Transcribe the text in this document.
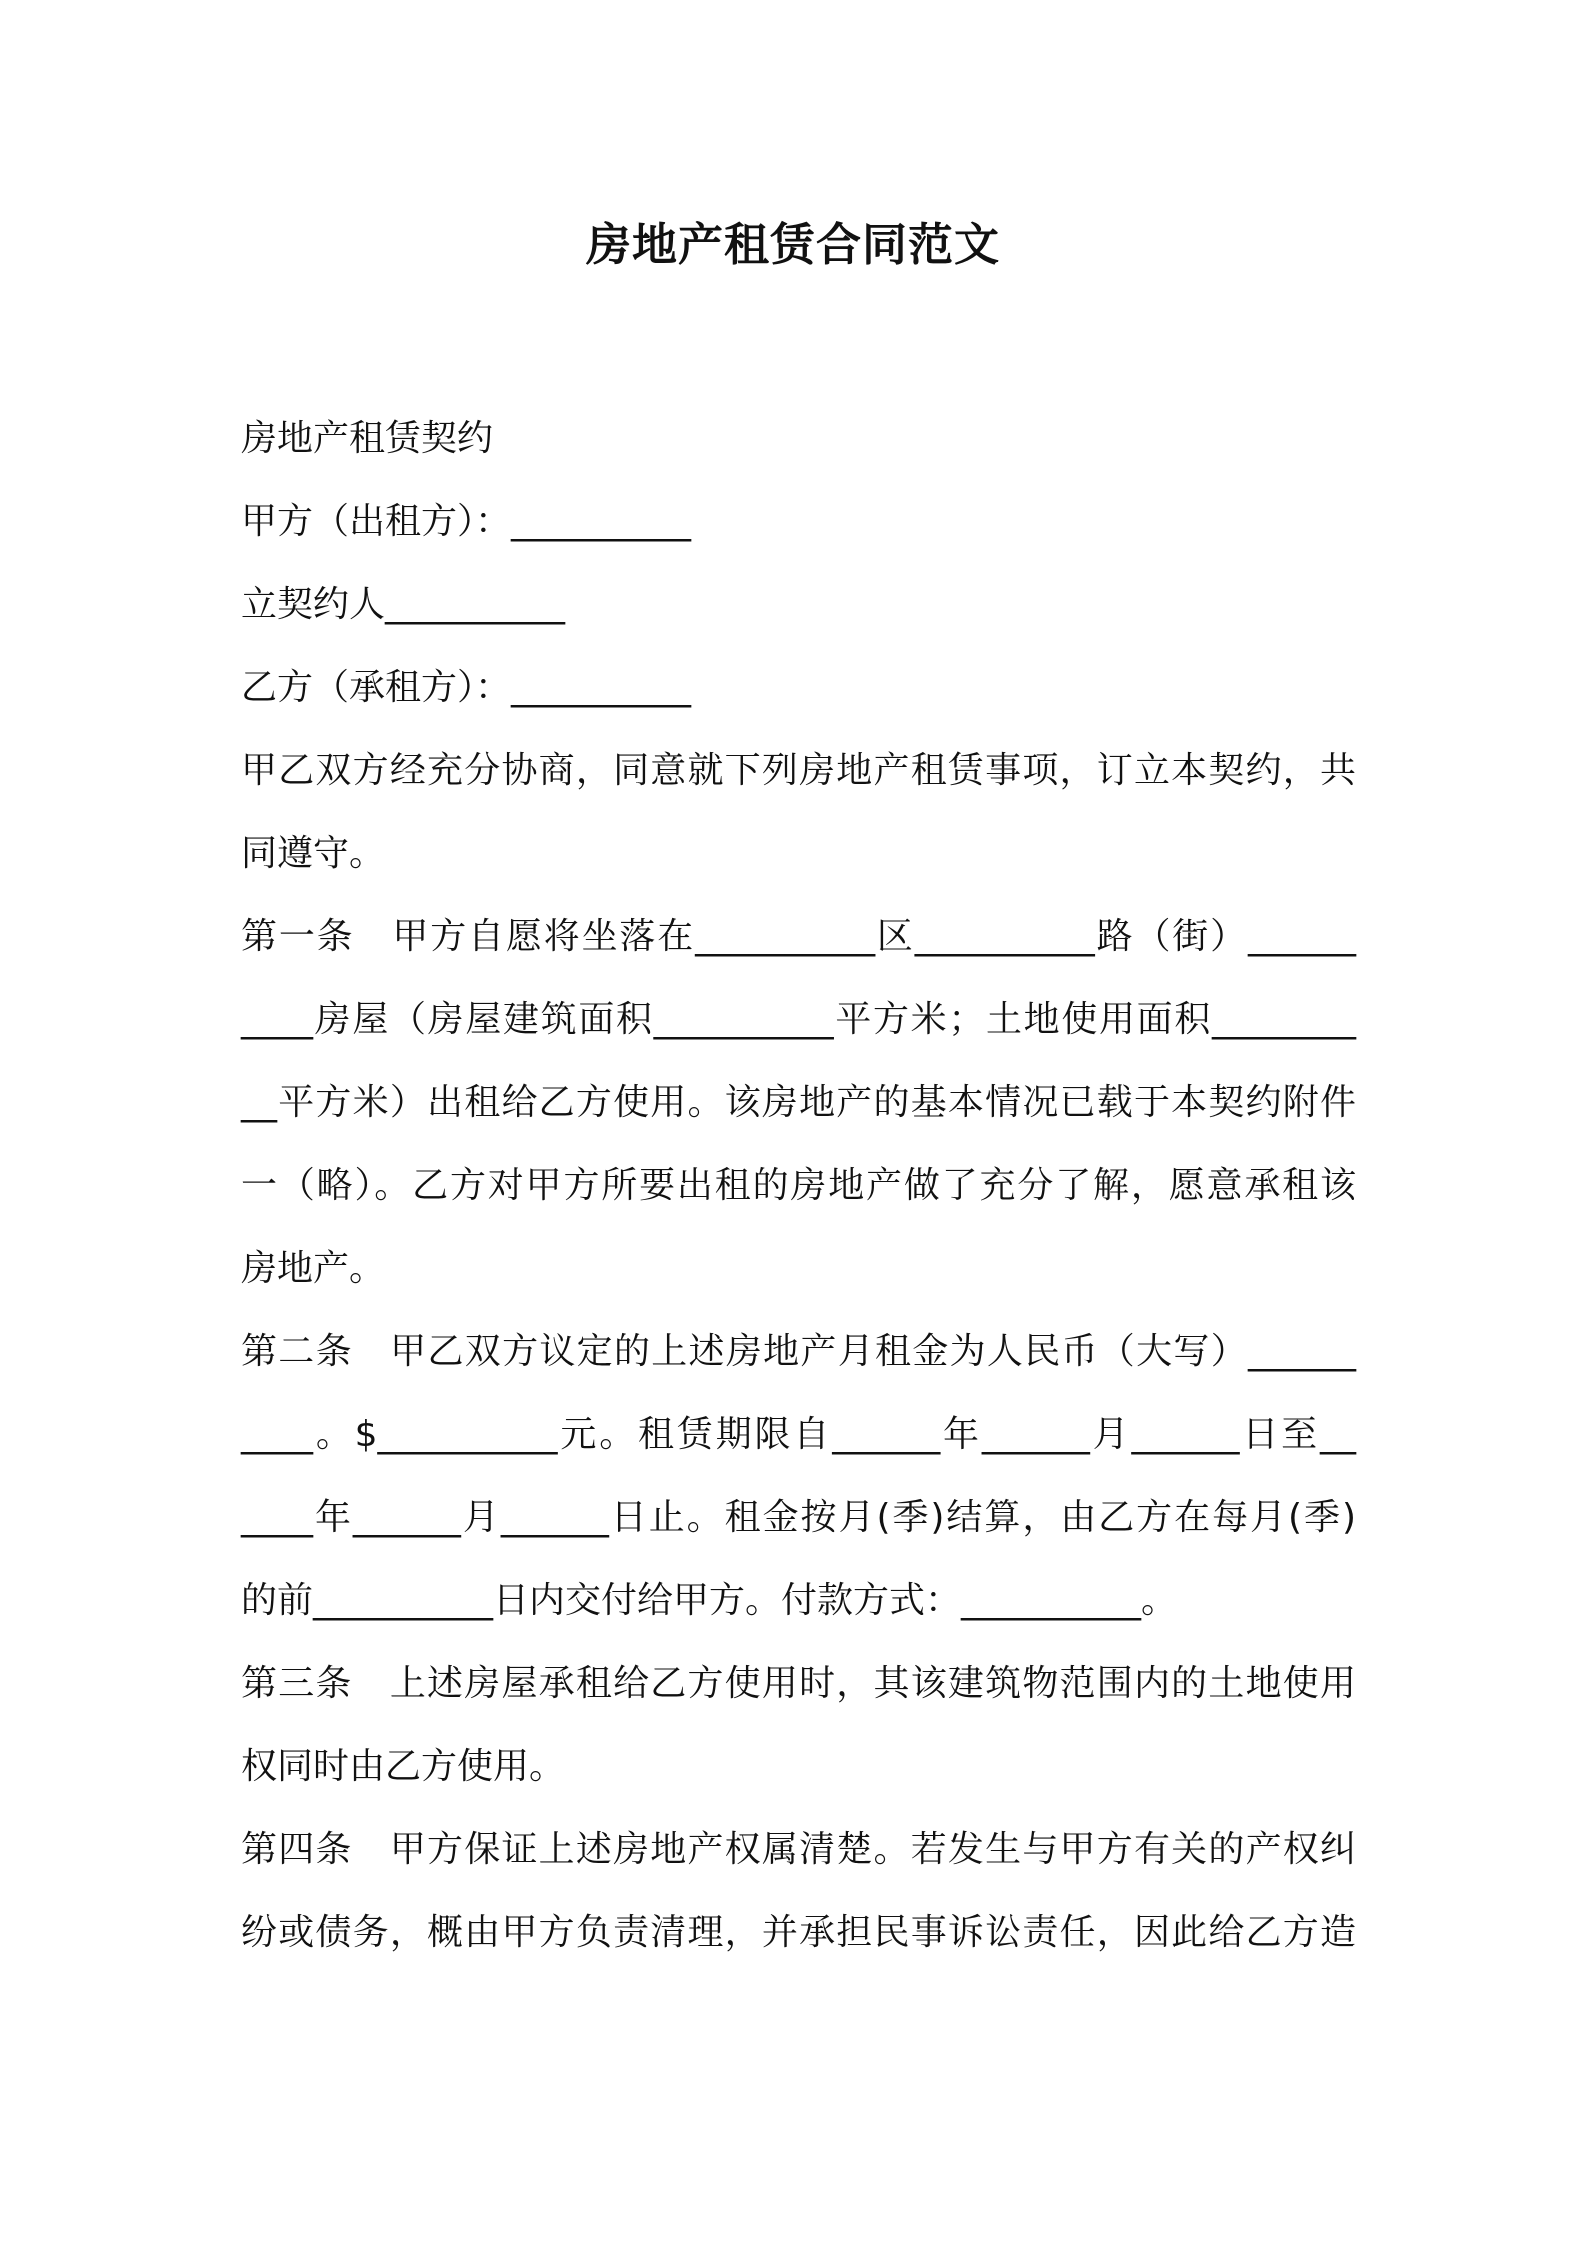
房地产租赁合同范文
房地产租赁契约
甲方（出租方）：__________
立契约人__________
乙方（承租方）：__________
甲乙双方经充分协商，同意就下列房地产租赁事项，订立本契约，共
同遵守。
第一条　甲方自愿将坐落在__________区__________路（街）______
____房屋（房屋建筑面积__________平方米；土地使用面积________
__平方米）出租给乙方使用。该房地产的基本情况已载于本契约附件
一（略）。乙方对甲方所要出租的房地产做了充分了解，愿意承租该
房地产。
第二条　甲乙双方议定的上述房地产月租金为人民币（大写）______
____。$__________元。租赁期限自______年______月______日至__
____年______月______日止。租金按月(季)结算，由乙方在每月(季)
的前__________日内交付给甲方。付款方式：__________。
第三条　上述房屋承租给乙方使用时，其该建筑物范围内的土地使用
权同时由乙方使用。
第四条　甲方保证上述房地产权属清楚。若发生与甲方有关的产权纠
纷或债务，概由甲方负责清理，并承担民事诉讼责任，因此给乙方造
